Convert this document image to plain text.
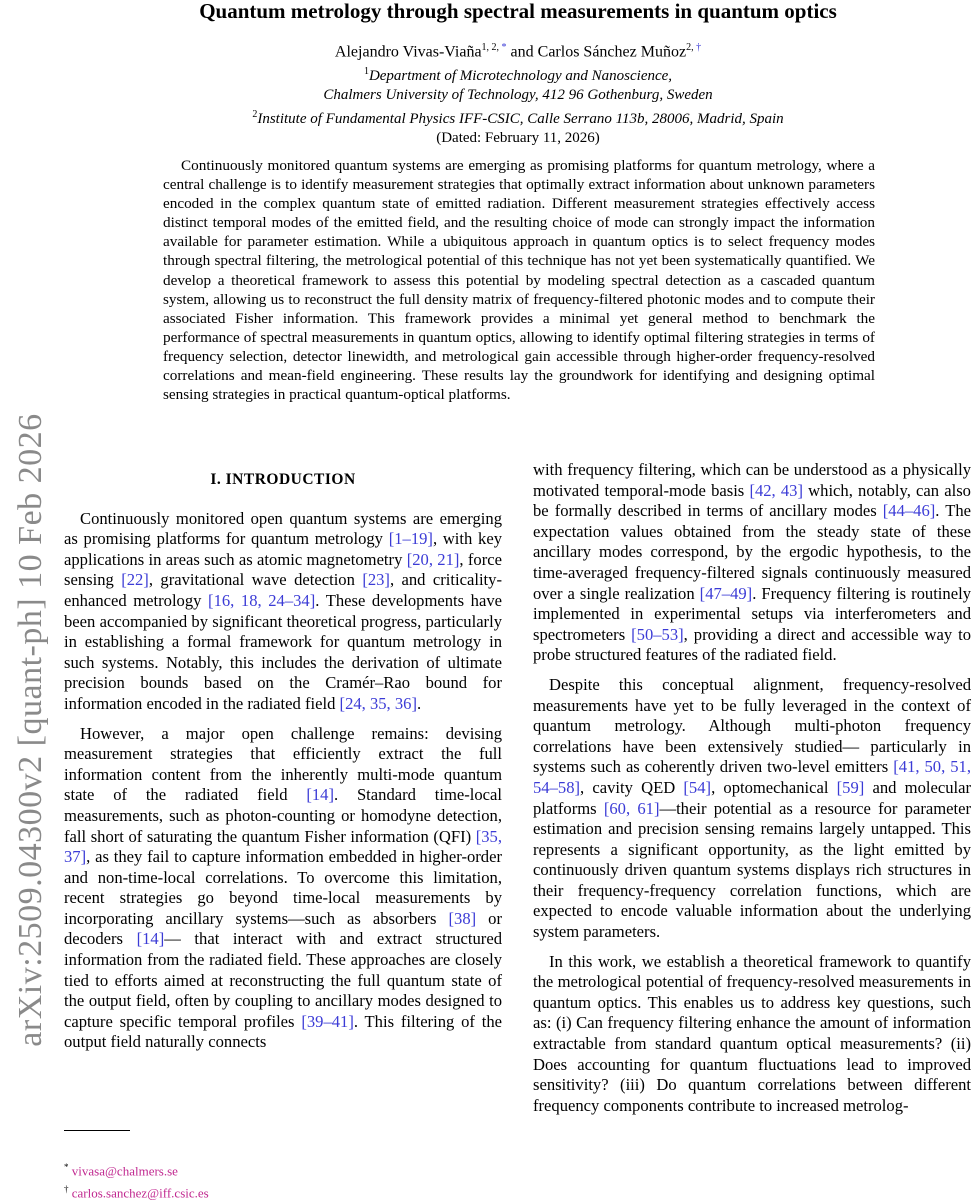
arXiv:2509.04300v2 [quant-ph] 10 Feb 2026
Quantum metrology through spectral measurements in quantum optics
Alejandro Vivas-Viaña$^{1, 2, *}$ and Carlos Sánchez Muñoz$^{2, \dagger}$
$^1$Department of Microtechnology and Nanoscience,
Chalmers University of Technology, 412 96 Gothenburg, Sweden
$^2$Institute of Fundamental Physics IFF-CSIC, Calle Serrano 113b, 28006, Madrid, Spain
(Dated: February 11, 2026)
Continuously monitored quantum systems are emerging as promising platforms for quantum metrology, where a central challenge is to identify measurement strategies that optimally extract information about unknown parameters encoded in the complex quantum state of emitted radiation. Different measurement strategies effectively access distinct temporal modes of the emitted field, and the resulting choice of mode can strongly impact the information available for parameter estimation. While a ubiquitous approach in quantum optics is to select frequency modes through spectral filtering, the metrological potential of this technique has not yet been systematically quantified. We develop a theoretical framework to assess this potential by modeling spectral detection as a cascaded quantum system, allowing us to reconstruct the full density matrix of frequency-filtered photonic modes and to compute their associated Fisher information. This framework provides a minimal yet general method to benchmark the performance of spectral measurements in quantum optics, allowing to identify optimal filtering strategies in terms of frequency selection, detector linewidth, and metrological gain accessible through higher-order frequency-resolved correlations and mean-field engineering. These results lay the groundwork for identifying and designing optimal sensing strategies in practical quantum-optical platforms.
I. INTRODUCTION

Continuously monitored open quantum systems are emerging as promising platforms for quantum metrology [1–19], with key applications in areas such as atomic magnetometry [20, 21], force sensing [22], gravitational wave detection [23], and criticality-enhanced metrology [16, 18, 24–34]. These developments have been accompanied by significant theoretical progress, particularly in establishing a formal framework for quantum metrology in such systems. Notably, this includes the derivation of ultimate precision bounds based on the Cramér–Rao bound for information encoded in the radiated field [24, 35, 36].

However, a major open challenge remains: devising measurement strategies that efficiently extract the full information content from the inherently multi-mode quantum state of the radiated field [14]. Standard time-local measurements, such as photon-counting or homodyne detection, fall short of saturating the quantum Fisher information (QFI) [35, 37], as they fail to capture information embedded in higher-order and non-time-local correlations. To overcome this limitation, recent strategies go beyond time-local measurements by incorporating ancillary systems—such as absorbers [38] or decoders [14]— that interact with and extract structured information from the radiated field. These approaches are closely tied to efforts aimed at reconstructing the full quantum state of the output field, often by coupling to ancillary modes designed to capture specific temporal profiles [39–41]. This filtering of the output field naturally connects

with frequency filtering, which can be understood as a physically motivated temporal-mode basis [42, 43] which, notably, can also be formally described in terms of ancillary modes [44–46]. The expectation values obtained from the steady state of these ancillary modes correspond, by the ergodic hypothesis, to the time-averaged frequency-filtered signals continuously measured over a single realization [47–49]. Frequency filtering is routinely implemented in experimental setups via interferometers and spectrometers [50–53], providing a direct and accessible way to probe structured features of the radiated field.

Despite this conceptual alignment, frequency-resolved measurements have yet to be fully leveraged in the context of quantum metrology. Although multi-photon frequency correlations have been extensively studied— particularly in systems such as coherently driven two-level emitters [41, 50, 51, 54–58], cavity QED [54], optomechanical [59] and molecular platforms [60, 61]—their potential as a resource for parameter estimation and precision sensing remains largely untapped. This represents a significant opportunity, as the light emitted by continuously driven quantum systems displays rich structures in their frequency-frequency correlation functions, which are expected to encode valuable information about the underlying system parameters.

In this work, we establish a theoretical framework to quantify the metrological potential of frequency-resolved measurements in quantum optics. This enables us to address key questions, such as: (i) Can frequency filtering enhance the amount of information extractable from standard quantum optical measurements? (ii) Does accounting for quantum fluctuations lead to improved sensitivity? (iii) Do quantum correlations between different frequency components contribute to increased metrolog-

* vivasa@chalmers.se
† carlos.sanchez@iff.csic.es
